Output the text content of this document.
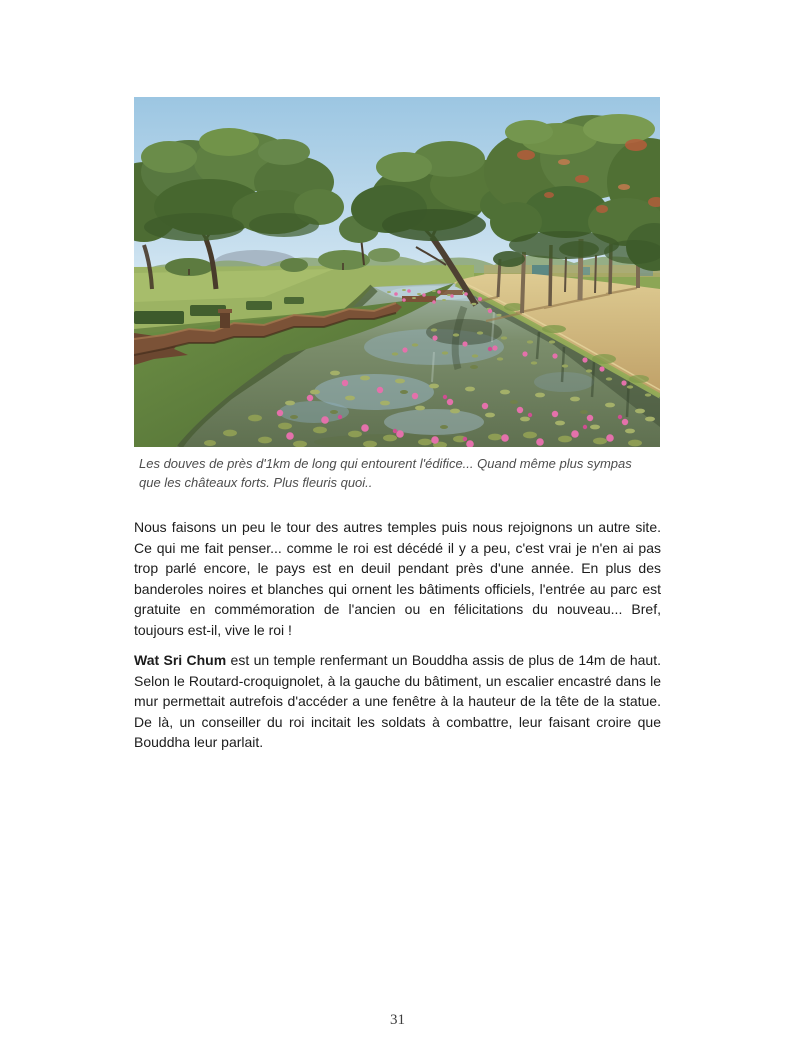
Les douves de près d'1km de long qui entourent l'édifice... Quand même plus sympas que les châteaux forts. Plus fleuris quoi..

Nous faisons un peu le tour des autres temples puis nous rejoignons un autre site. Ce qui me fait penser... comme le roi est décédé il y a peu, c'est vrai je n'en ai pas trop parlé encore, le pays est en deuil pendant près d'une année. En plus des banderoles noires et blanches qui ornent les bâtiments officiels, l'entrée au parc est gratuite en commémoration de l'ancien ou en félicitations du nouveau... Bref, toujours est-il, vive le roi !

Wat Sri Chum est un temple renfermant un Bouddha assis de plus de 14m de haut. Selon le Routard-croquignolet, à la gauche du bâtiment, un escalier encastré dans le mur permettait autrefois d'accéder a une fenêtre à la hauteur de la tête de la statue. De là, un conseiller du roi incitait les soldats à combattre, leur faisant croire que Bouddha leur parlait.

31
